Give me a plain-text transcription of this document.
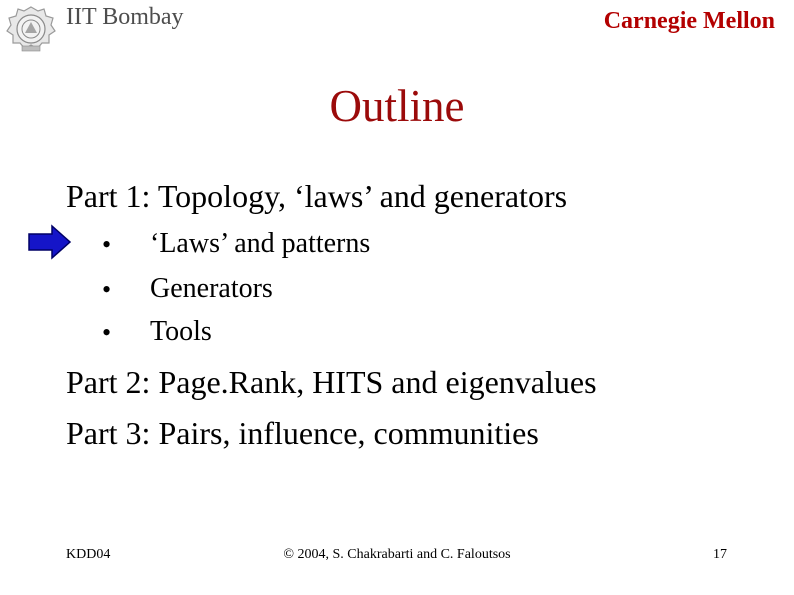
IIT Bombay	Carnegie Mellon
Outline
Part 1: Topology, ‘laws’ and generators
• ‘Laws’ and patterns
• Generators
• Tools
Part 2: Page.Rank, HITS and eigenvalues
Part 3: Pairs, influence, communities
KDD04	© 2004, S. Chakrabarti and C. Faloutsos	17
